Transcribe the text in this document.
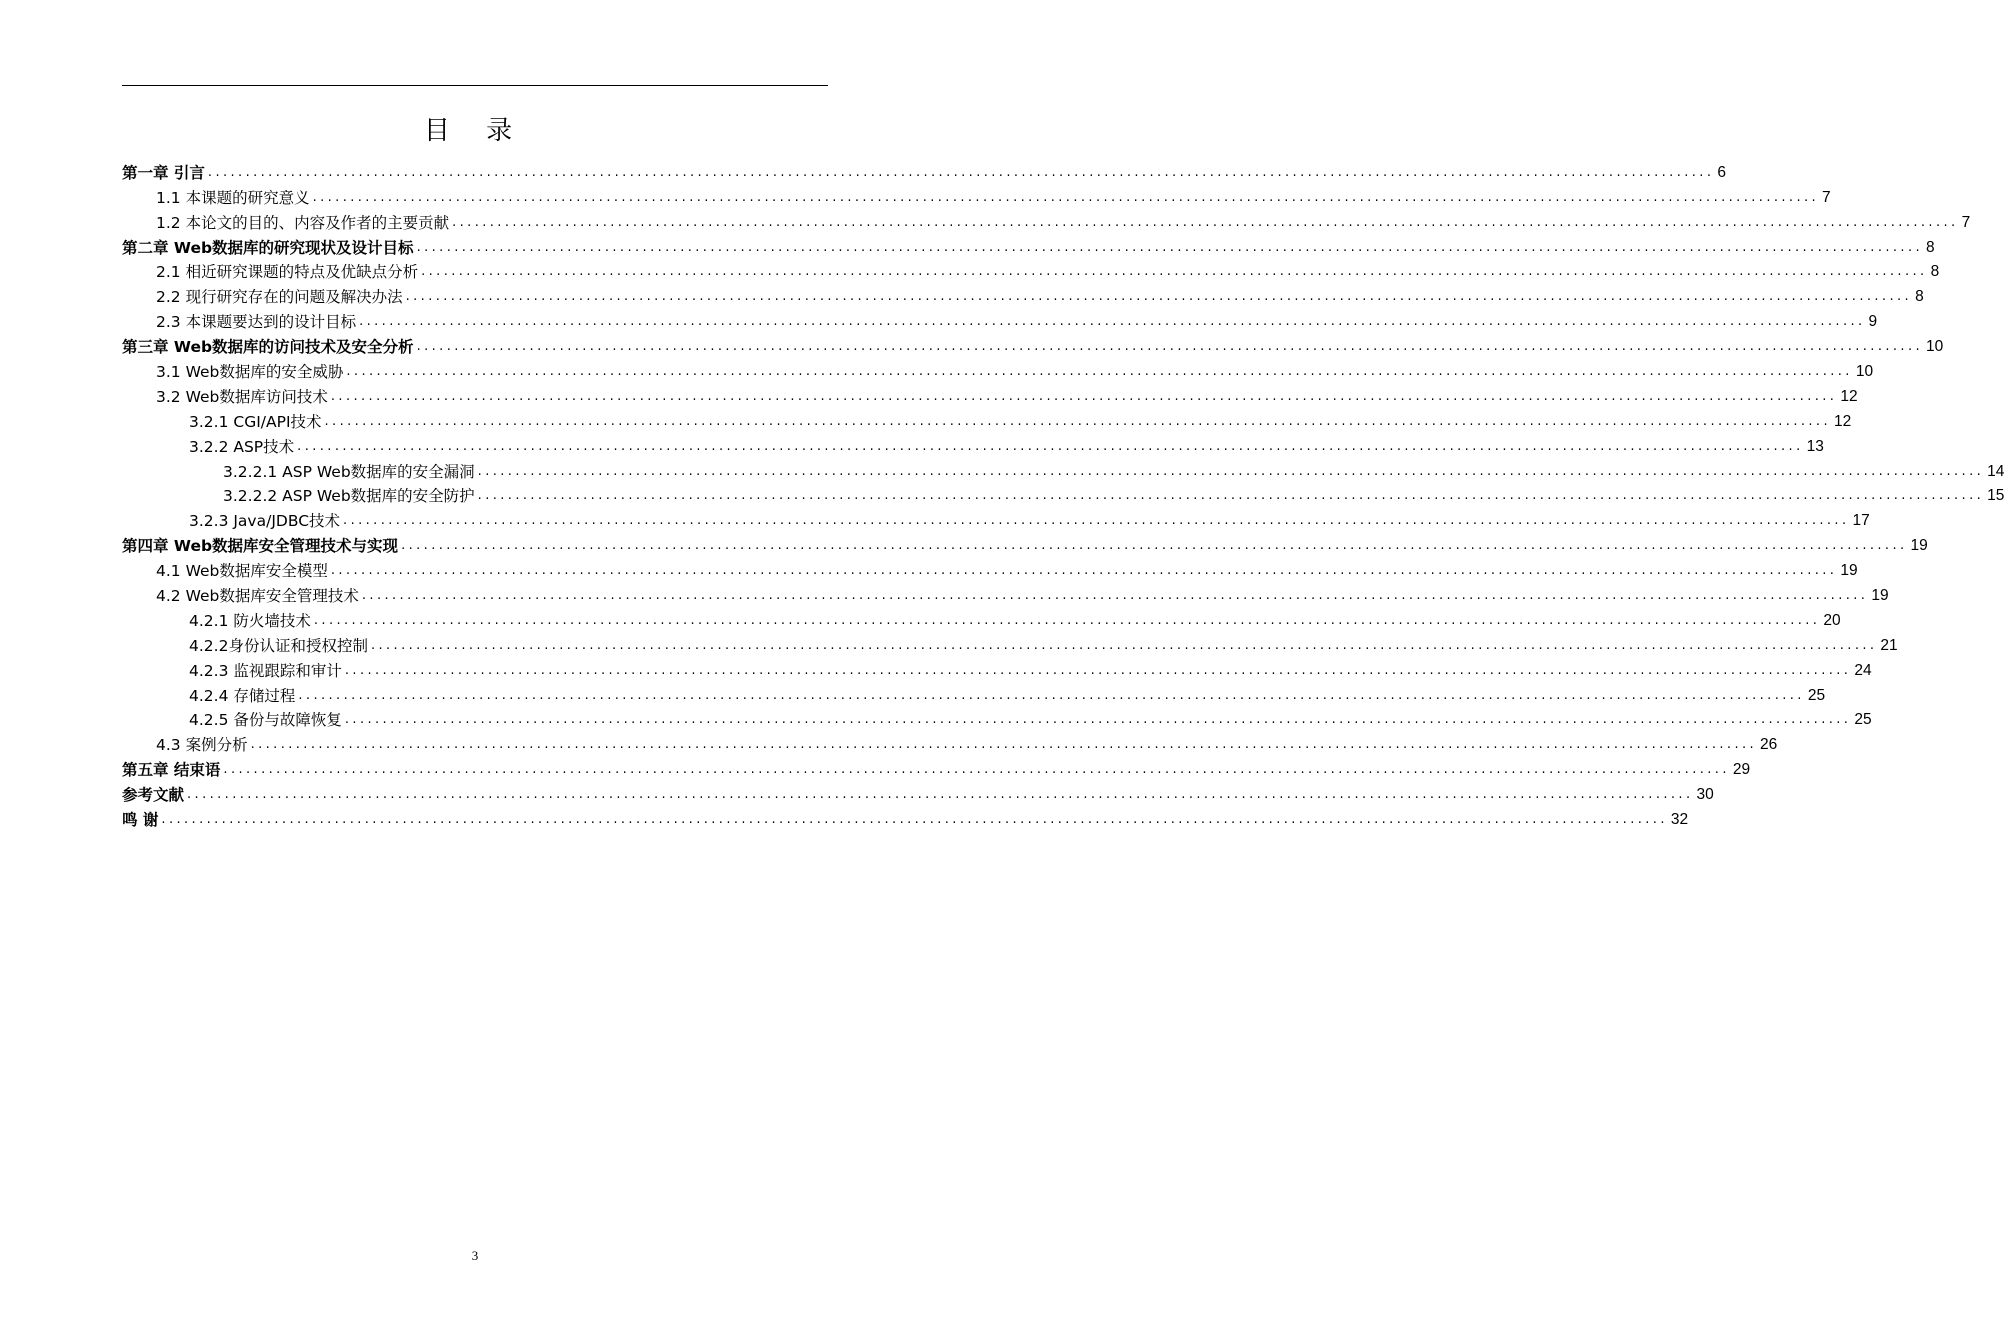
目 录
第一章 引言 ........................................................................................................................................................................................................ 6
1.1 本课题的研究意义 ........................................................................................................................................................................................................ 7
1.2 本论文的目的、内容及作者的主要贡献 ........................................................................................................................................................................................................ 7
第二章 Web数据库的研究现状及设计目标 ........................................................................................................................................................................................................ 8
2.1 相近研究课题的特点及优缺点分析 ........................................................................................................................................................................................................ 8
2.2 现行研究存在的问题及解决办法 ........................................................................................................................................................................................................ 8
2.3 本课题要达到的设计目标 ........................................................................................................................................................................................................ 9
第三章 Web数据库的访问技术及安全分析 ........................................................................................................................................................................................................ 10
3.1 Web数据库的安全威胁 ........................................................................................................................................................................................................ 10
3.2 Web数据库访问技术 ........................................................................................................................................................................................................ 12
3.2.1 CGI/API技术 ........................................................................................................................................................................................................ 12
3.2.2 ASP技术 ........................................................................................................................................................................................................ 13
3.2.2.1 ASP Web数据库的安全漏洞 ........................................................................................................................................................................................................ 14
3.2.2.2 ASP Web数据库的安全防护 ........................................................................................................................................................................................................ 15
3.2.3 Java/JDBC技术 ........................................................................................................................................................................................................ 17
第四章 Web数据库安全管理技术与实现 ........................................................................................................................................................................................................ 19
4.1 Web数据库安全模型 ........................................................................................................................................................................................................ 19
4.2 Web数据库安全管理技术 ........................................................................................................................................................................................................ 19
4.2.1 防火墙技术 ........................................................................................................................................................................................................ 20
4.2.2身份认证和授权控制 ........................................................................................................................................................................................................ 21
4.2.3 监视跟踪和审计 ........................................................................................................................................................................................................ 24
4.2.4 存储过程 ........................................................................................................................................................................................................ 25
4.2.5 备份与故障恢复 ........................................................................................................................................................................................................ 25
4.3 案例分析 ........................................................................................................................................................................................................ 26
第五章 结束语 ........................................................................................................................................................................................................ 29
参考文献 ........................................................................................................................................................................................................ 30
鸣 谢 ........................................................................................................................................................................................................ 32
3
